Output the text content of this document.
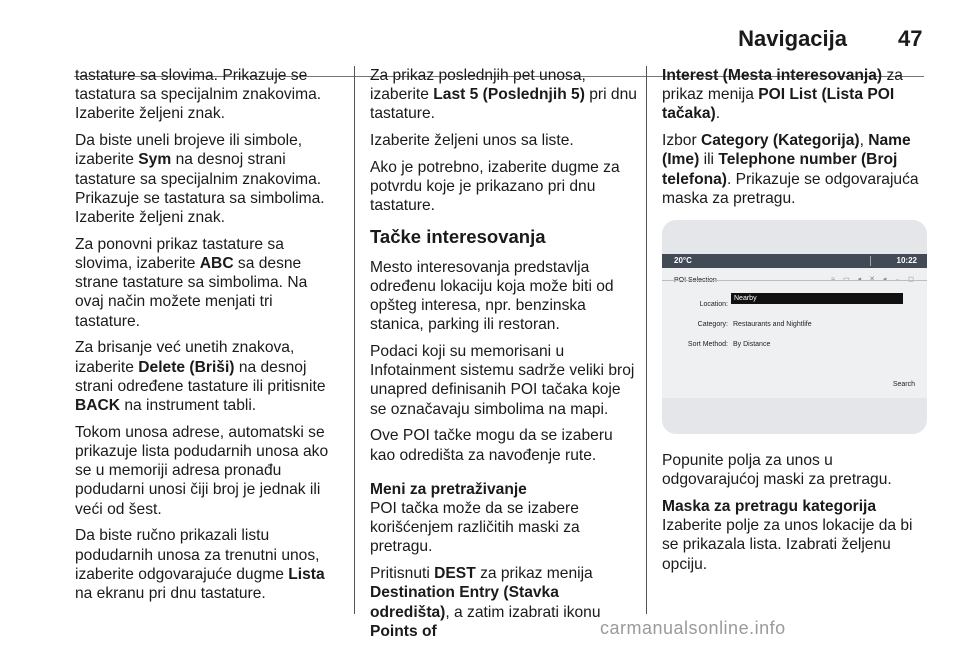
Navigacija 47

tastature sa slovima. Prikazuje se tastatura sa specijalnim znakovima. Izaberite željeni znak.

Da biste uneli brojeve ili simbole, izaberite Sym na desnoj strani tastature sa specijalnim znakovima. Prikazuje se tastatura sa simbolima. Izaberite željeni znak.

Za ponovni prikaz tastature sa slovima, izaberite ABC sa desne strane tastature sa simbolima. Na ovaj način možete menjati tri tastature.

Za brisanje već unetih znakova, izaberite Delete (Briši) na desnoj strani određene tastature ili pritisnite BACK na instrument tabli.

Tokom unosa adrese, automatski se prikazuje lista podudarnih unosa ako se u memoriji adresa pronađu podudarni unosi čiji broj je jednak ili veći od šest.

Da biste ručno prikazali listu podudarnih unosa za trenutni unos, izaberite odgovarajuće dugme Lista na ekranu pri dnu tastature.

Za prikaz poslednjih pet unosa, izaberite Last 5 (Poslednjih 5) pri dnu tastature.

Izaberite željeni unos sa liste.

Ako je potrebno, izaberite dugme za potvrdu koje je prikazano pri dnu tastature.

Tačke interesovanja

Mesto interesovanja predstavlja određenu lokaciju koja može biti od opšteg interesa, npr. benzinska stanica, parking ili restoran.

Podaci koji su memorisani u Infotainment sistemu sadrže veliki broj unapred definisanih POI tačaka koje se označavaju simbolima na mapi.

Ove POI tačke mogu da se izaberu kao odredišta za navođenje rute.

Meni za pretraživanje

POI tačka može da se izabere korišćenjem različitih maski za pretragu.

Pritisnuti DEST za prikaz menija Destination Entry (Stavka odredišta), a zatim izabrati ikonu Points of

Interest (Mesta interesovanja) za prikaz menija POI List (Lista POI tačaka).

Izbor Category (Kategorija), Name (Ime) ili Telephone number (Broj telefona). Prikazuje se odgovarajuća maska za pretragu.

20°C	10:22
POI Selection	≈ ▭ ◂ ✕ ◂ ⌄ ◻
Location:
Nearby
Category: Restaurants and Nightlife
Sort Method: By Distance
Search

Popunite polja za unos u odgovarajućoj maski za pretragu.

Maska za pretragu kategorija

Izaberite polje za unos lokacije da bi se prikazala lista. Izabrati željenu opciju.

carmanualsonline.info
